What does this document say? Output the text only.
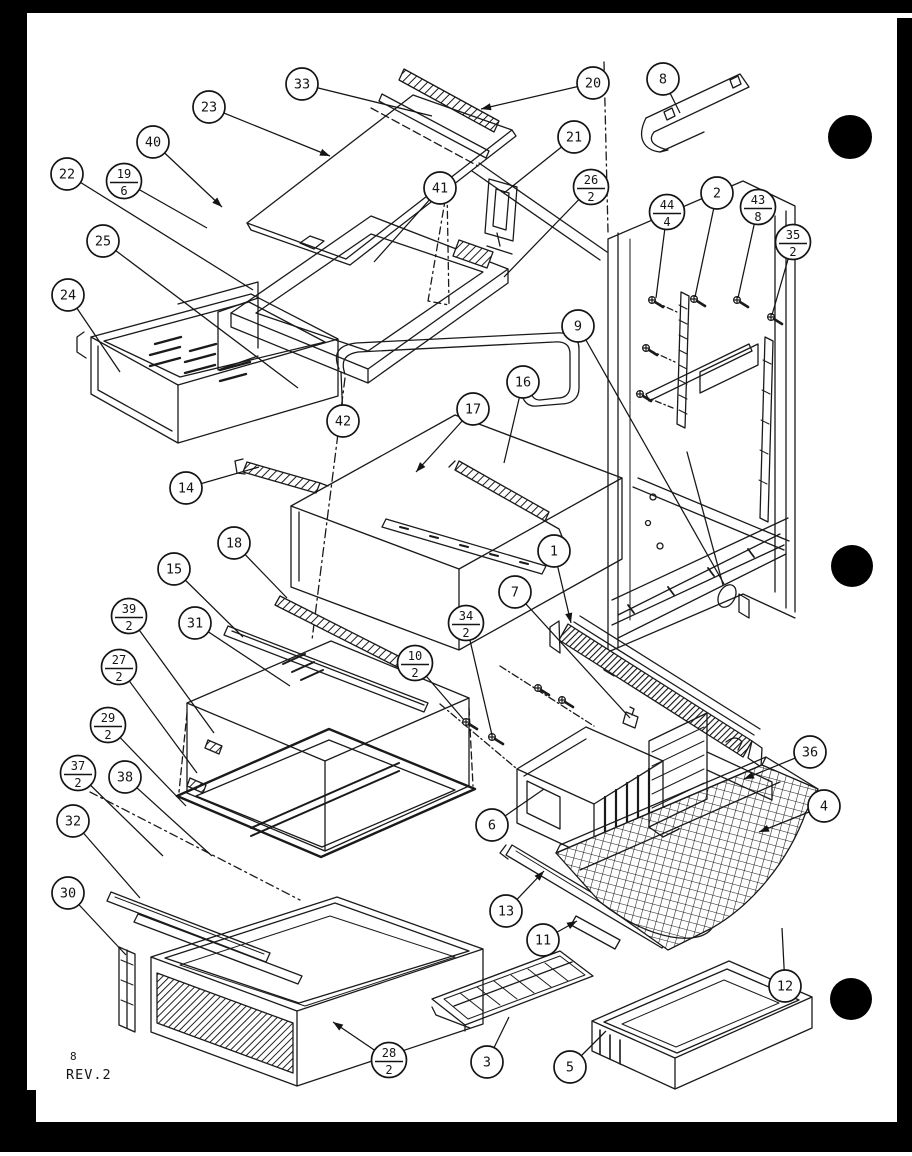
33
23
40
22	19
6
25
24
41
21
26
2
20	8
2
44
4
43
8
35
2
9
42
14
17
16
18
15
31
39
2
27
2
29
2
37
2	38
32
30
28
2
34
2
10
2
6
7
1
13
11
3	5
36
4
12
8
REV.2
